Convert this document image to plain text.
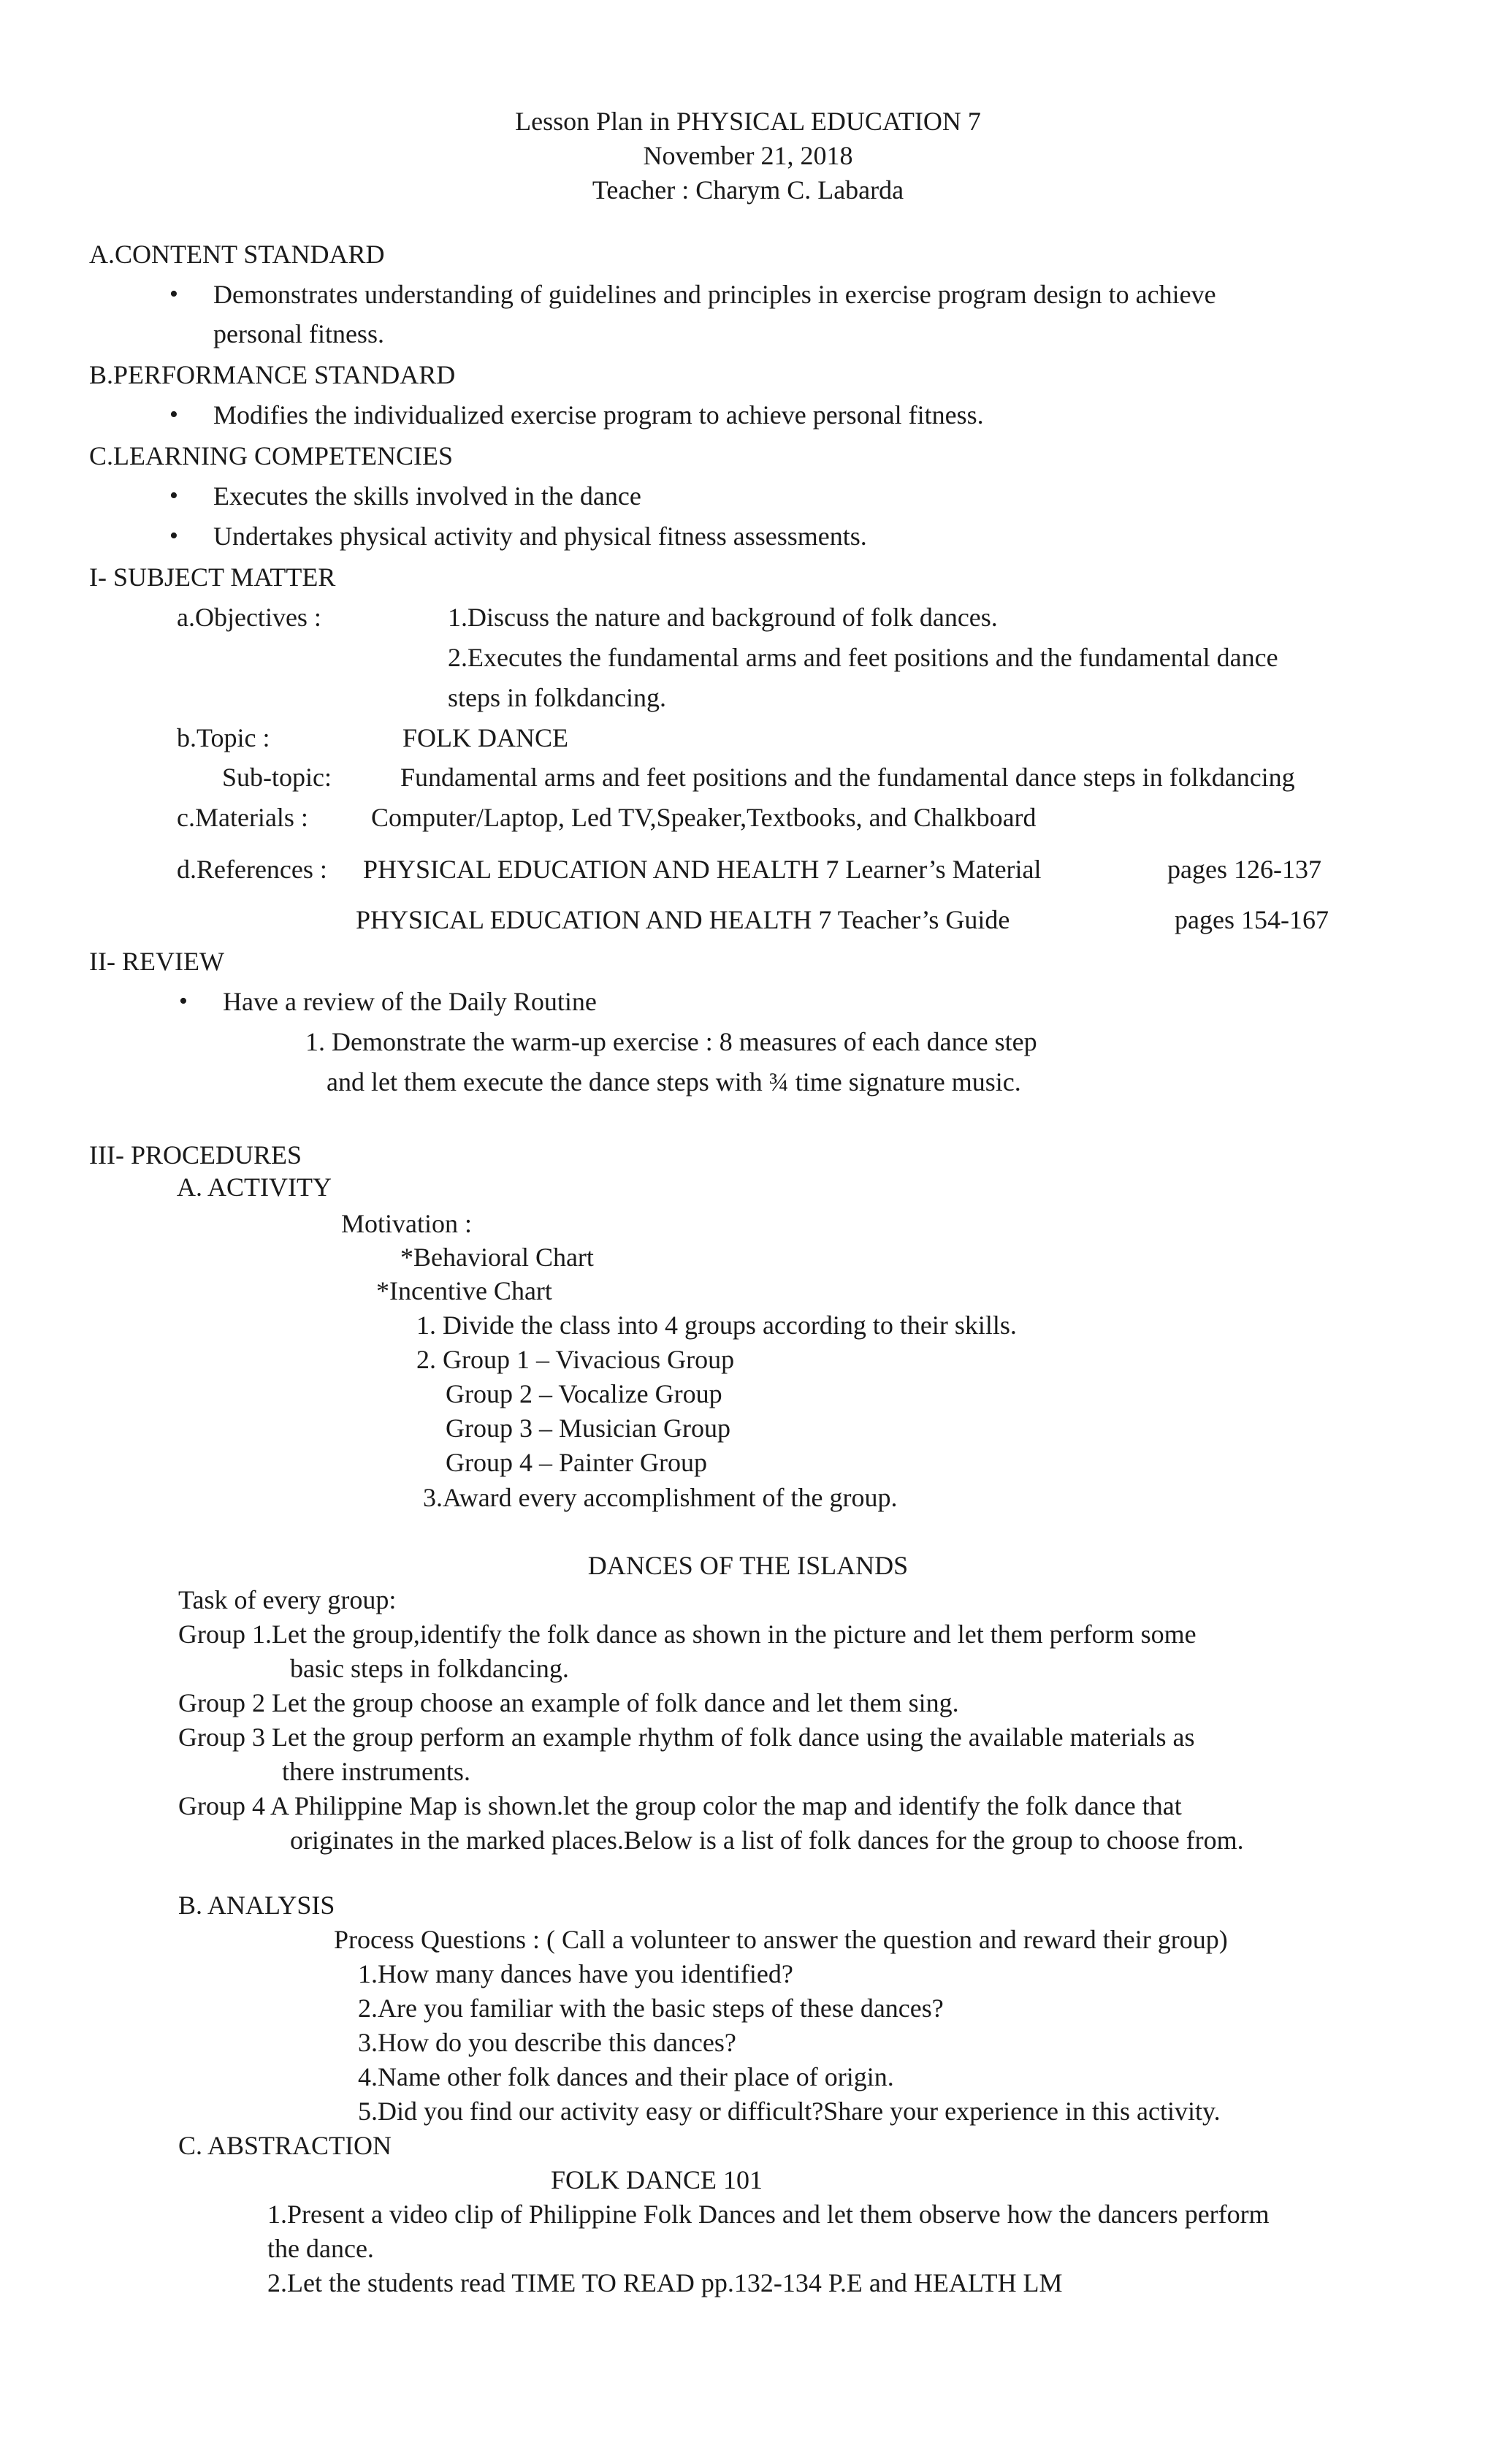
Lesson Plan in PHYSICAL EDUCATION 7
November 21, 2018
Teacher : Charym C. Labarda
A.CONTENT STANDARD
• Demonstrates understanding of guidelines and principles in exercise program design to achieve
personal fitness.
B.PERFORMANCE STANDARD
• Modifies the individualized exercise program to achieve personal fitness.
C.LEARNING COMPETENCIES
• Executes the skills involved in the dance
• Undertakes physical activity and physical fitness assessments.
I- SUBJECT MATTER
a.Objectives :	1.Discuss the nature and background of folk dances.
2.Executes the fundamental arms and feet positions and the fundamental dance
steps in folkdancing.
b.Topic :	FOLK DANCE
Sub-topic:	Fundamental arms and feet positions and the fundamental dance steps in folkdancing
c.Materials : Computer/Laptop, Led TV,Speaker,Textbooks, and Chalkboard
d.References : PHYSICAL EDUCATION AND HEALTH 7 Learner’s Material	pages 126-137
PHYSICAL EDUCATION AND HEALTH 7 Teacher’s Guide	pages 154-167
II- REVIEW
• Have a review of the Daily Routine
1. Demonstrate the warm-up exercise : 8 measures of each dance step
and let them execute the dance steps with ¾ time signature music.
III- PROCEDURES
A. ACTIVITY
Motivation :
*Behavioral Chart
*Incentive Chart
1. Divide the class into 4 groups according to their skills.
2. Group 1 – Vivacious Group
Group 2 – Vocalize Group
Group 3 – Musician Group
Group 4 – Painter Group
3.Award every accomplishment of the group.
DANCES OF THE ISLANDS
Task of every group:
Group 1.Let the group,identify the folk dance as shown in the picture and let them perform some
basic steps in folkdancing.
Group 2 Let the group choose an example of folk dance and let them sing.
Group 3 Let the group perform an example rhythm of folk dance using the available materials as
there instruments.
Group 4 A Philippine Map is shown.let the group color the map and identify the folk dance that
originates in the marked places.Below is a list of folk dances for the group to choose from.
B. ANALYSIS
Process Questions : ( Call a volunteer to answer the question and reward their group)
1.How many dances have you identified?
2.Are you familiar with the basic steps of these dances?
3.How do you describe this dances?
4.Name other folk dances and their place of origin.
5.Did you find our activity easy or difficult?Share your experience in this activity.
C. ABSTRACTION
FOLK DANCE 101
1.Present a video clip of Philippine Folk Dances and let them observe how the dancers perform
the dance.
2.Let the students read TIME TO READ pp.132-134 P.E and HEALTH LM
